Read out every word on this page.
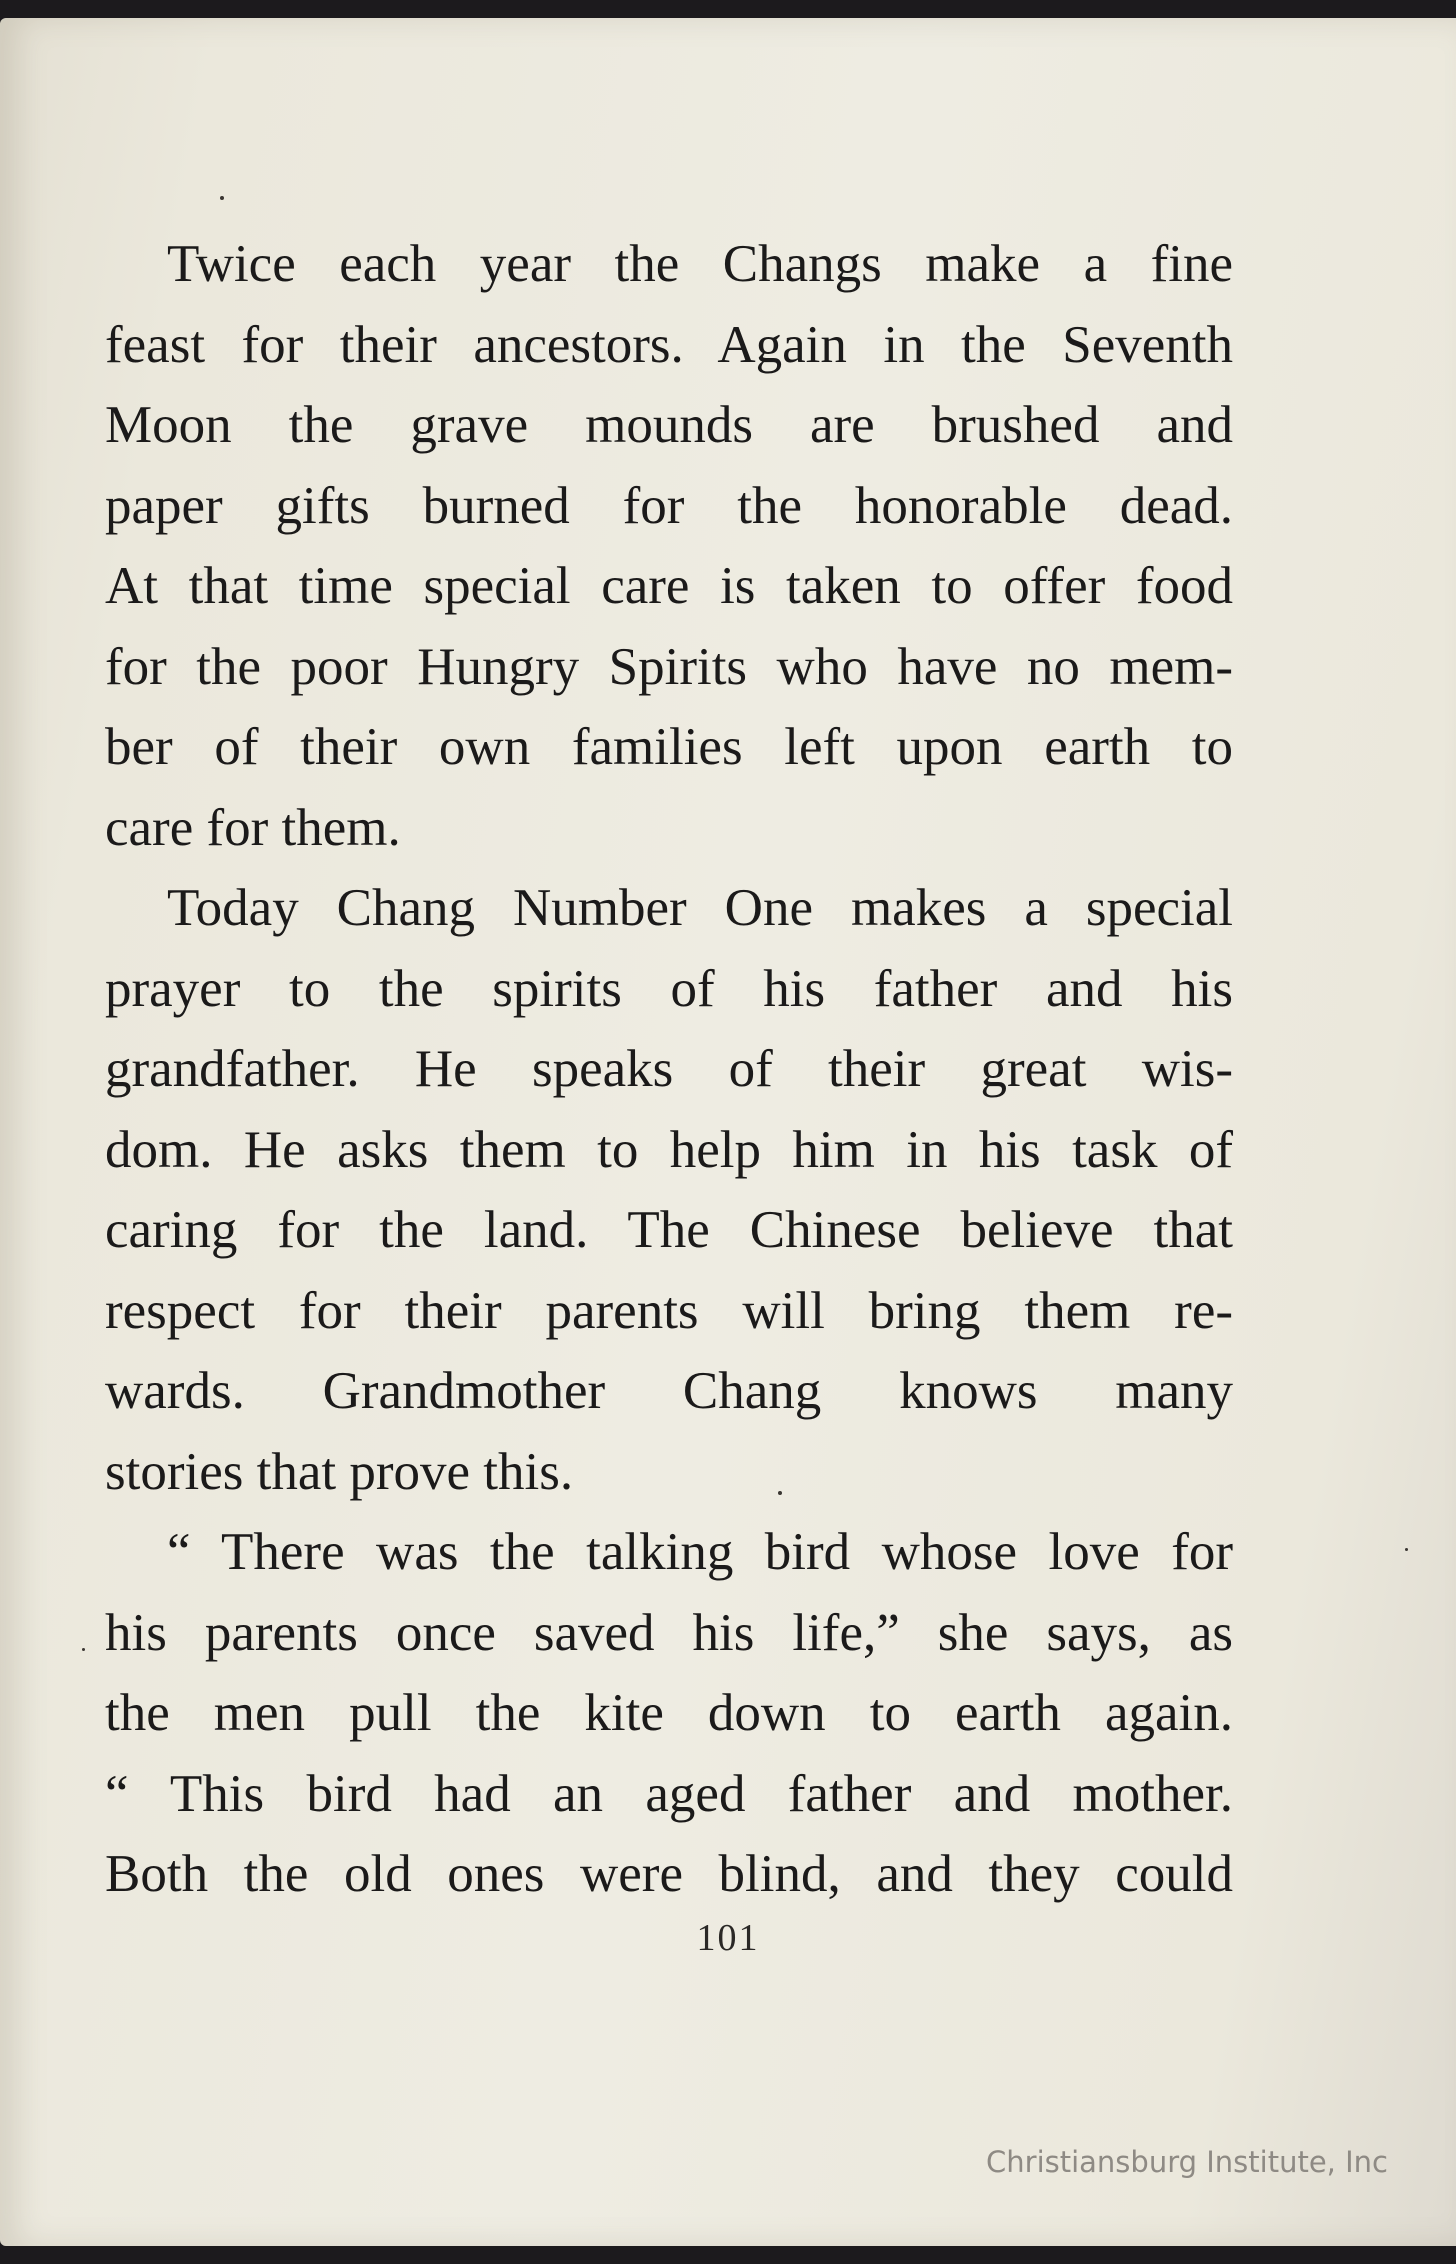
Twice each year the Changs make a fine
feast for their ancestors. Again in the Seventh
Moon the grave mounds are brushed and
paper gifts burned for the honorable dead.
At that time special care is taken to offer food
for the poor Hungry Spirits who have no mem-
ber of their own families left upon earth to
care for them.
Today Chang Number One makes a special
prayer to the spirits of his father and his
grandfather. He speaks of their great wis-
dom. He asks them to help him in his task of
caring for the land. The Chinese believe that
respect for their parents will bring them re-
wards. Grandmother Chang knows many
stories that prove this.
“ There was the talking bird whose love for
his parents once saved his life,” she says, as
the men pull the kite down to earth again.
“ This bird had an aged father and mother.
Both the old ones were blind, and they could
101
Christiansburg Institute, Inc
